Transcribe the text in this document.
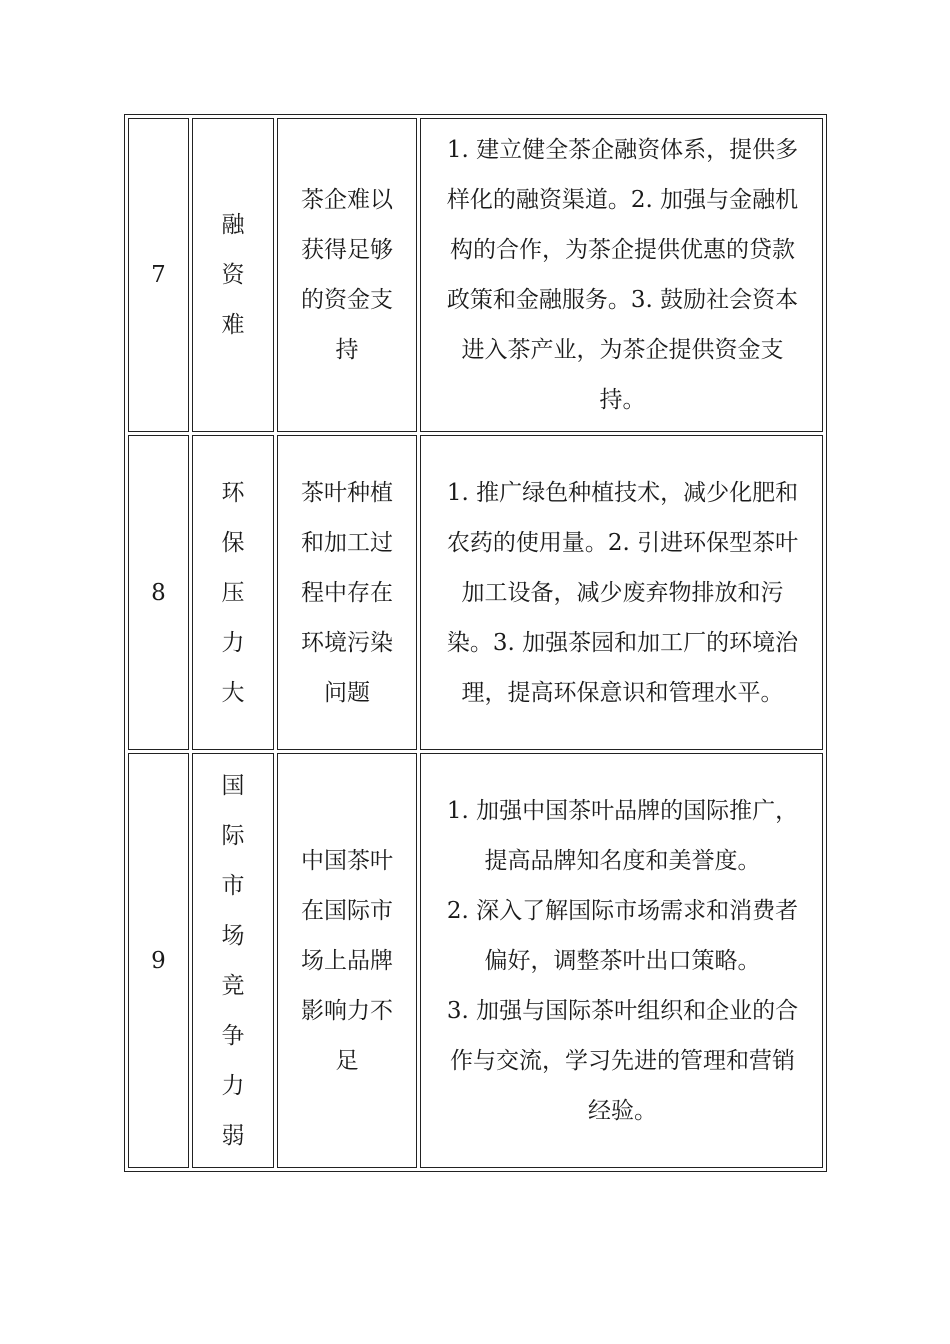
7	融资难	茶企难以获得足够的资金支持	1. 建立健全茶企融资体系，提供多样化的融资渠道。2. 加强与金融机构的合作，为茶企提供优惠的贷款政策和金融服务。3. 鼓励社会资本进入茶产业，为茶企提供资金支持。

8	环保压力大	茶叶种植和加工过程中存在环境污染问题	1. 推广绿色种植技术，减少化肥和农药的使用量。2. 引进环保型茶叶加工设备，减少废弃物排放和污染。3. 加强茶园和加工厂的环境治理，提高环保意识和管理水平。

9	国际市场竞争力弱	中国茶叶在国际市场上品牌影响力不足	1. 加强中国茶叶品牌的国际推广，提高品牌知名度和美誉度。
2. 深入了解国际市场需求和消费者偏好，调整茶叶出口策略。
3. 加强与国际茶叶组织和企业的合作与交流，学习先进的管理和营销经验。
